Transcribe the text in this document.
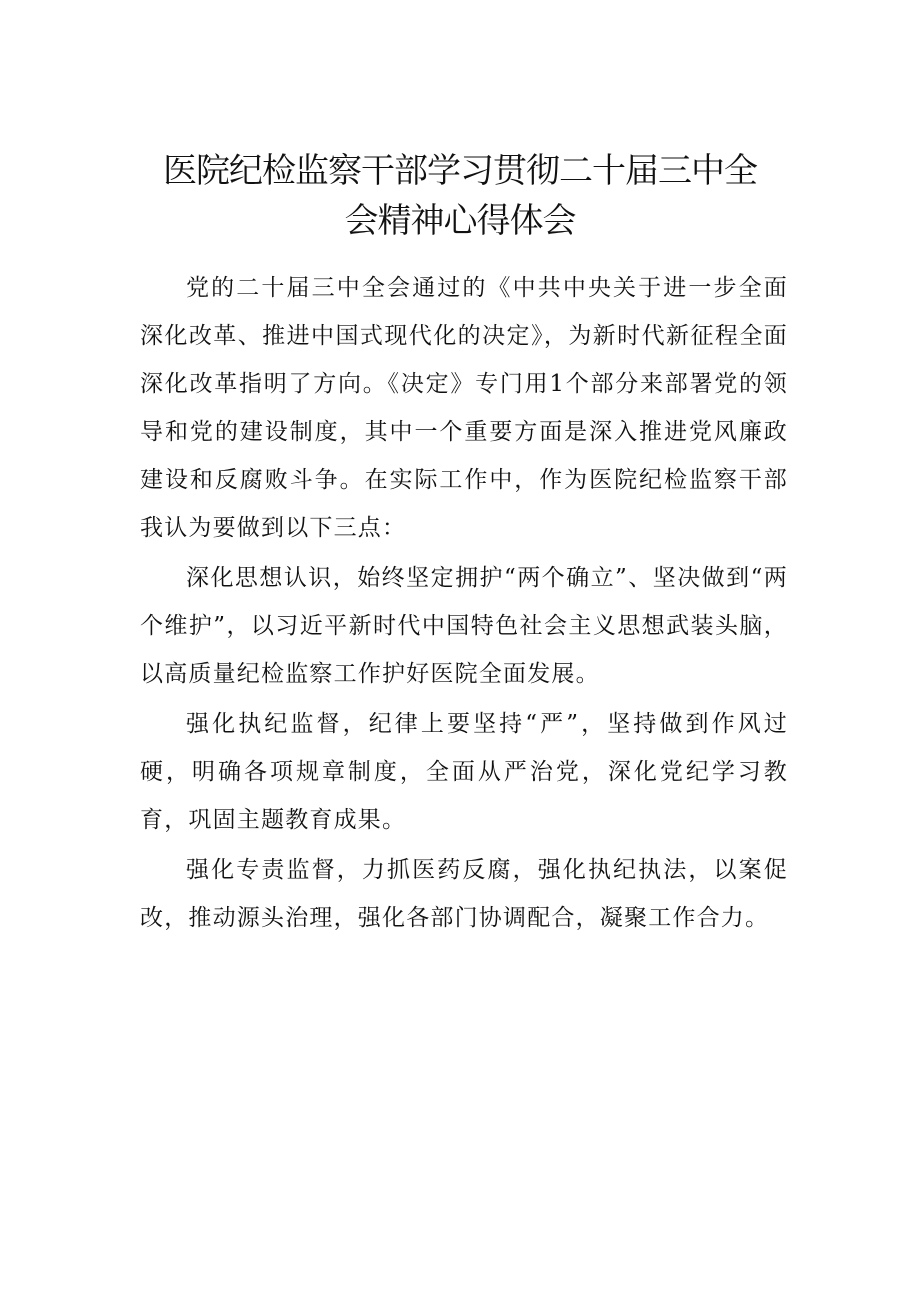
医院纪检监察干部学习贯彻二十届三中全
会精神心得体会

党的二十届三中全会通过的《中共中央关于进一步全面深化改革、推进中国式现代化的决定》，为新时代新征程全面深化改革指明了方向。《决定》专门用1个部分来部署党的领导和党的建设制度，其中一个重要方面是深入推进党风廉政建设和反腐败斗争。在实际工作中，作为医院纪检监察干部我认为要做到以下三点：

深化思想认识，始终坚定拥护“两个确立”、坚决做到“两个维护”，以习近平新时代中国特色社会主义思想武装头脑，以高质量纪检监察工作护好医院全面发展。

强化执纪监督，纪律上要坚持“严”，坚持做到作风过硬，明确各项规章制度，全面从严治党，深化党纪学习教育，巩固主题教育成果。

强化专责监督，力抓医药反腐，强化执纪执法，以案促改，推动源头治理，强化各部门协调配合，凝聚工作合力。
